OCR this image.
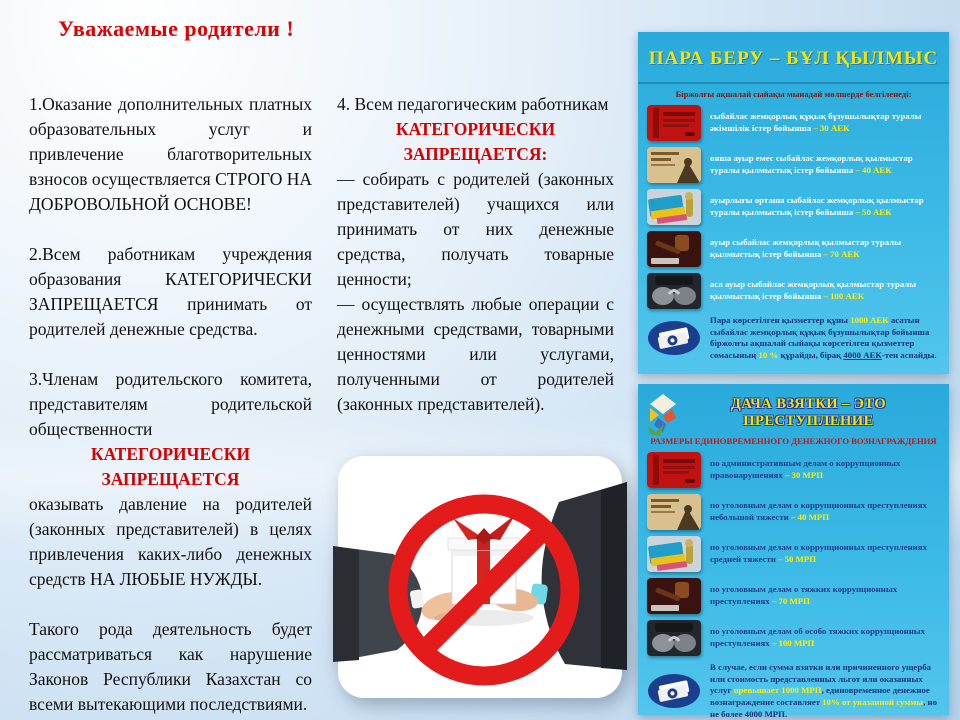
Уважаемые родители !

1.Оказание дополнительных платных образовательных услуг и привлечение благотворительных взносов осуществляется СТРОГО НА ДОБРОВОЛЬНОЙ ОСНОВЕ!

2.Всем работникам учреждения образования КАТЕГОРИЧЕСКИ ЗАПРЕЩАЕТСЯ принимать от родителей денежные средства.

3.Членам родительского комитета, представителям родительской общественности

КАТЕГОРИЧЕСКИ
ЗАПРЕЩАЕТСЯ

оказывать давление на родителей (законных представителей) в целях привлечения каких-либо денежных средств НА ЛЮБЫЕ НУЖДЫ.

Такого рода деятельность будет рассматриваться как нарушение Законов Республики Казахстан со всеми вытекающими последствиями.

4. Всем педагогическим работникам

КАТЕГОРИЧЕСКИ
ЗАПРЕЩАЕТСЯ:

— собирать с родителей (законных представителей) учащихся или принимать от них денежные средства, получать товарные ценности;

— осуществлять любые операции с денежными средствами, товарными ценностями или услугами, полученными от родителей (законных представителей).

ПАРА БЕРУ – БҰЛ ҚЫЛМЫС
Біржолғы ақшалай сыйақы мынадай мөлшерде белгіленеді:
сыбайлас жемқорлық құқық бұзушылықтар туралы әкімшілік істер бойынша – 30 АЕК
онша ауыр емес сыбайлас жемқорлық қылмыстар туралы қылмыстық істер бойынша – 40 АЕК
ауырлығы орташа сыбайлас жемқорлық қылмыстар туралы қылмыстық істер бойынша – 50 АЕК
ауыр сыбайлас жемқорлық қылмыстар туралы қылмыстық істер бойынша – 70 АЕК
аса ауыр сыбайлас жемқорлық қылмыстар туралы қылмыстық істер бойынша – 100 АЕК
Пара көрсетілген қызметтер құны 1000 АЕК асатын сыбайлас жемқорлық құқық бұзушылықтар бойынша біржолғы ақшалай сыйақы көрсетілген қызметтер сомасының 10 % құрайды, бірақ 4000 АЕК-тен аспайды.
ДАЧА ВЗЯТКИ – ЭТО ПРЕСТУПЛЕНИЕ
РАЗМЕРЫ ЕДИНОВРЕМЕННОГО ДЕНЕЖНОГО ВОЗНАГРАЖДЕНИЯ
по административным делам о коррупционных правонарушениях – 30 МРП
по уголовным делам о коррупционных преступлениях небольшой тяжести – 40 МРП
по уголовным делам о коррупционных преступлениях средней тяжести – 50 МРП
по уголовным делам о тяжких коррупционных преступлениях – 70 МРП
по уголовным делам об особо тяжких коррупционных преступлениях – 100 МРП
В случае, если сумма взятки или причиненного ущерба или стоимость представленных льгот или оказанных услуг превышает 1000 МРП, единовременное денежное вознаграждение составляет 10% от указанной суммы, но не более 4000 МРП.
